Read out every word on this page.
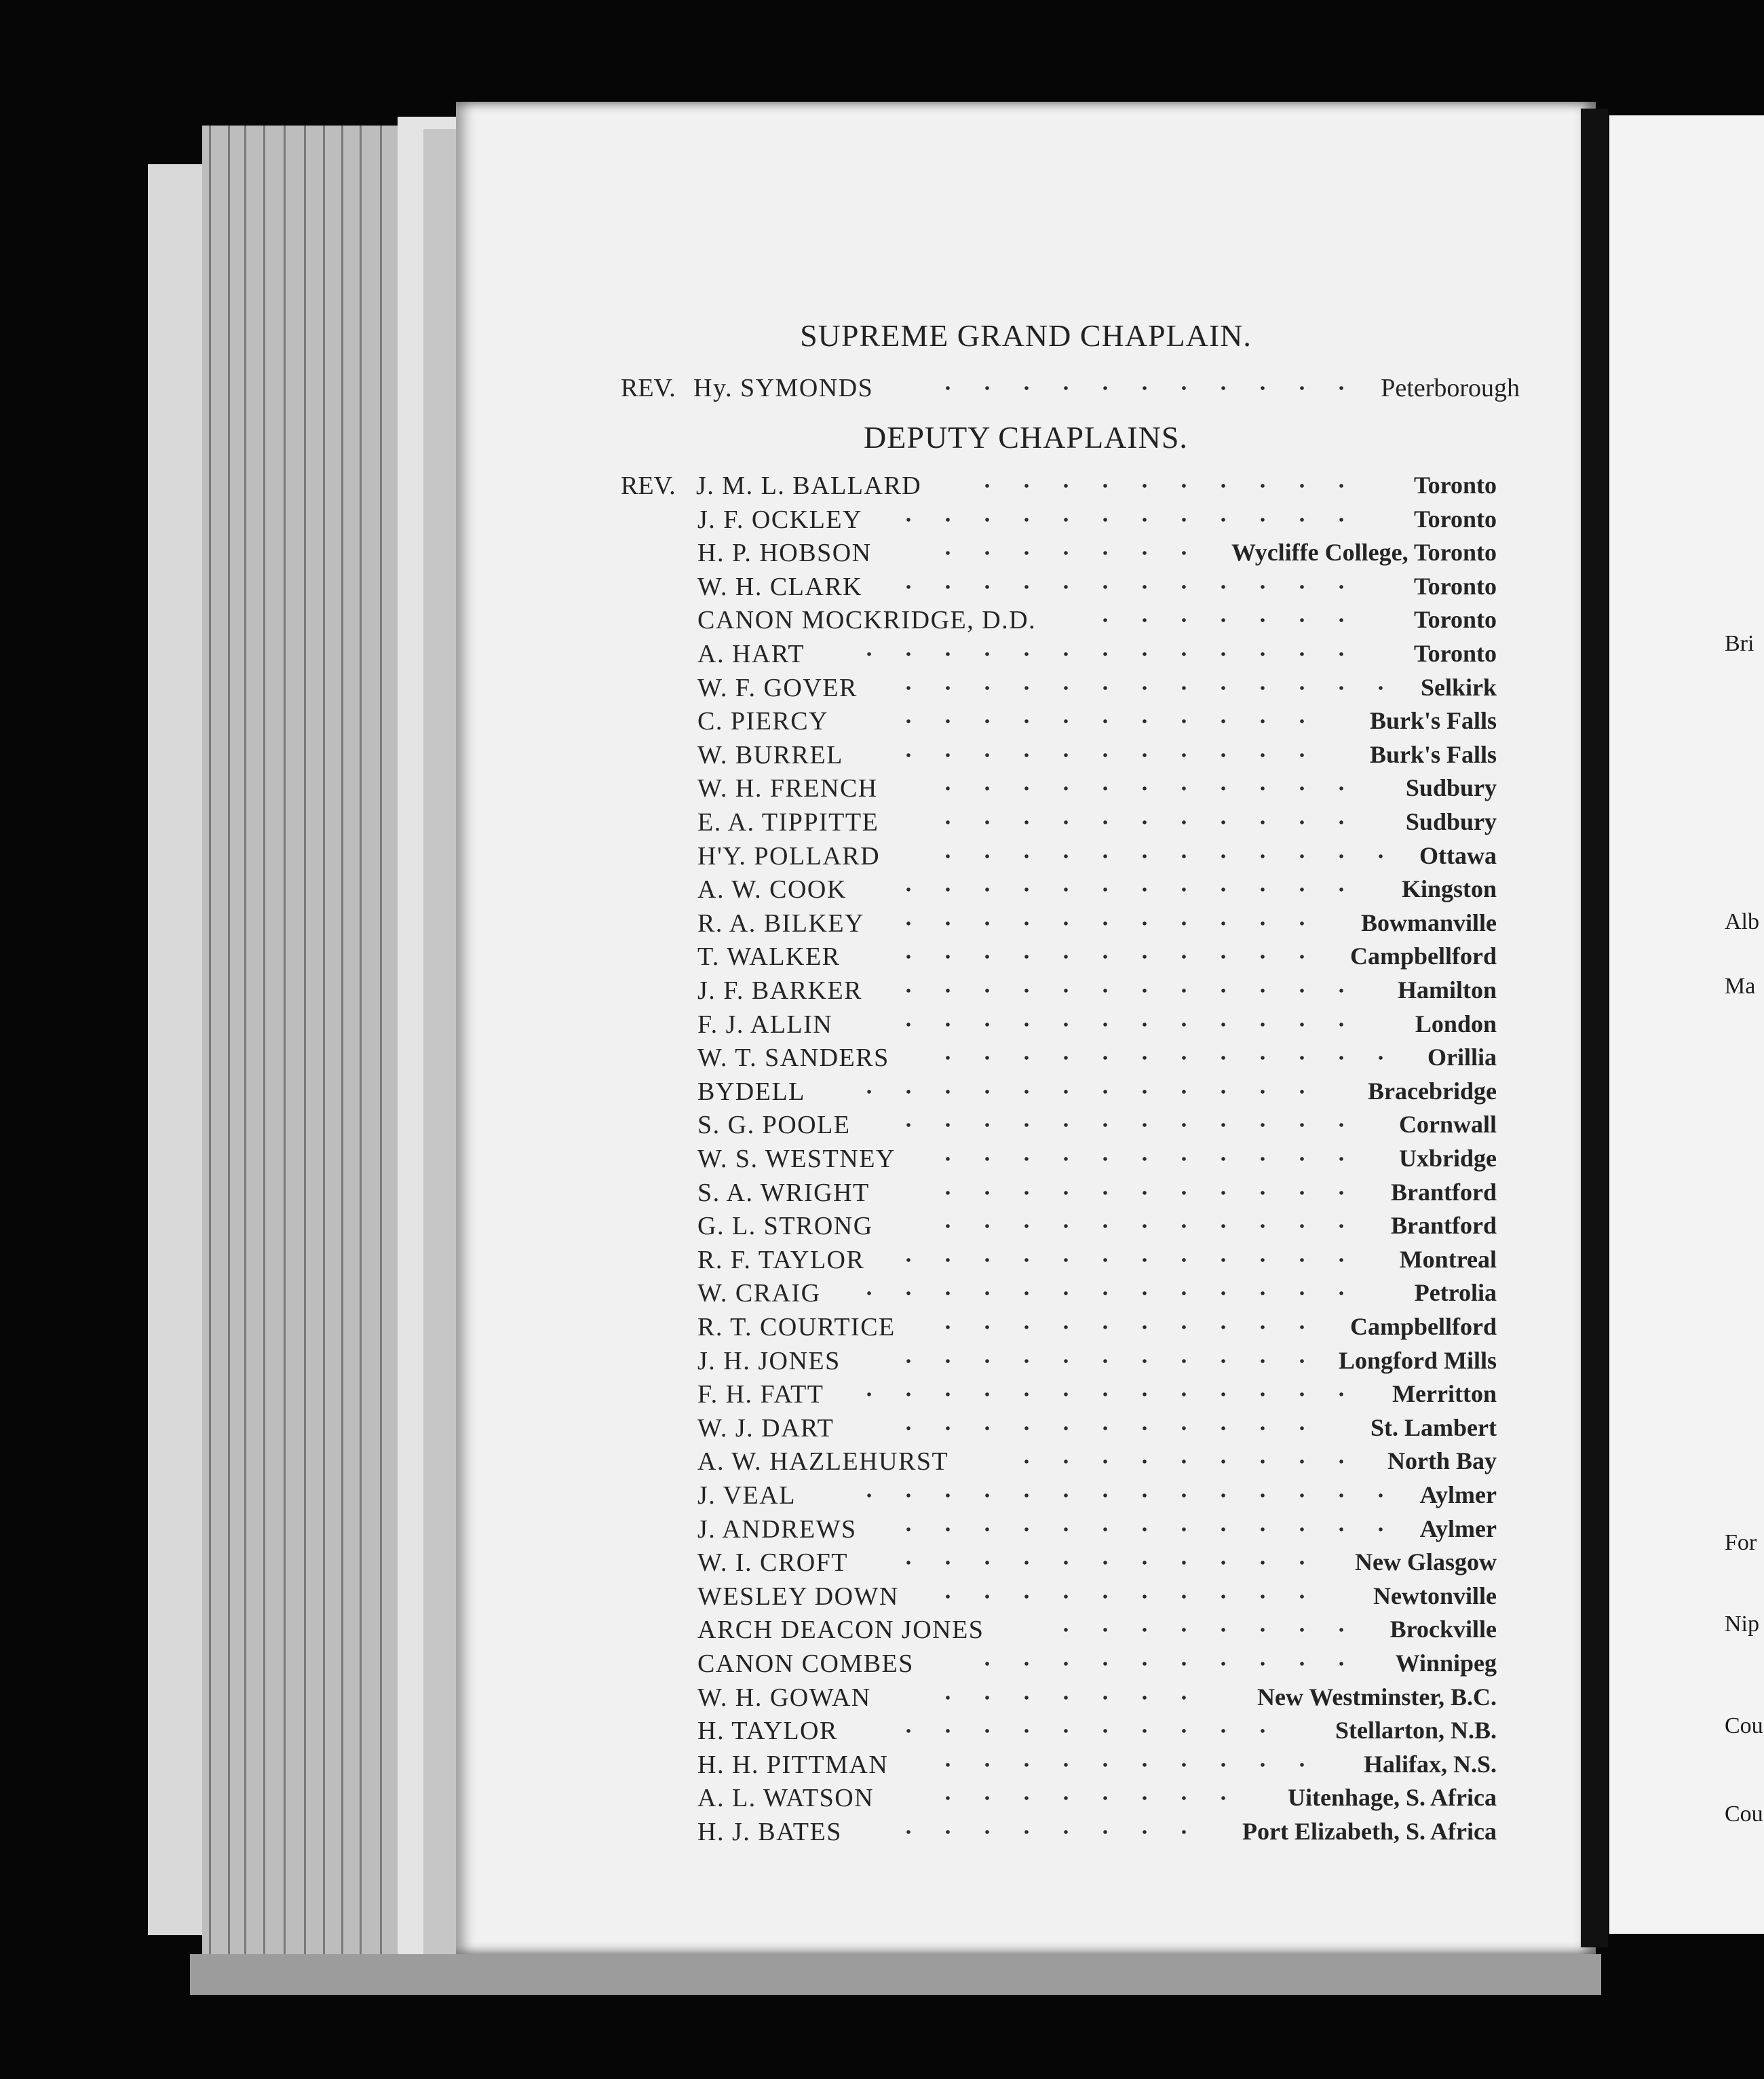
SUPREME GRAND CHAPLAIN.
REV. Hy. SYMONDS	Peterborough
DEPUTY CHAPLAINS.
REV. J. M. L. BALLARD	Toronto
J. F. OCKLEY	Toronto
H. P. HOBSON	Wycliffe College, Toronto
W. H. CLARK	Toronto
CANON MOCKRIDGE, D.D.	Toronto
A. HART	Toronto
W. F. GOVER	Selkirk
C. PIERCY	Burk's Falls
W. BURREL	Burk's Falls
W. H. FRENCH	Sudbury
E. A. TIPPITTE	Sudbury
H'Y. POLLARD	Ottawa
A. W. COOK	Kingston
R. A. BILKEY	Bowmanville
T. WALKER	Campbellford
J. F. BARKER	Hamilton
F. J. ALLIN	London
W. T. SANDERS	Orillia
BYDELL	Bracebridge
S. G. POOLE	Cornwall
W. S. WESTNEY	Uxbridge
S. A. WRIGHT	Brantford
G. L. STRONG	Brantford
R. F. TAYLOR	Montreal
W. CRAIG	Petrolia
R. T. COURTICE	Campbellford
J. H. JONES	Longford Mills
F. H. FATT	Merritton
W. J. DART	St. Lambert
A. W. HAZLEHURST	North Bay
J. VEAL	Aylmer
J. ANDREWS	Aylmer
W. I. CROFT	New Glasgow
WESLEY DOWN	Newtonville
ARCH DEACON JONES	Brockville
CANON COMBES	Winnipeg
W. H. GOWAN	New Westminster, B.C.
H. TAYLOR	Stellarton, N.B.
H. H. PITTMAN	Halifax, N.S.
A. L. WATSON	Uitenhage, S. Africa
H. J. BATES	Port Elizabeth, S. Africa
Bri
Alb
Ma
For
Nip
Cou
Cou
